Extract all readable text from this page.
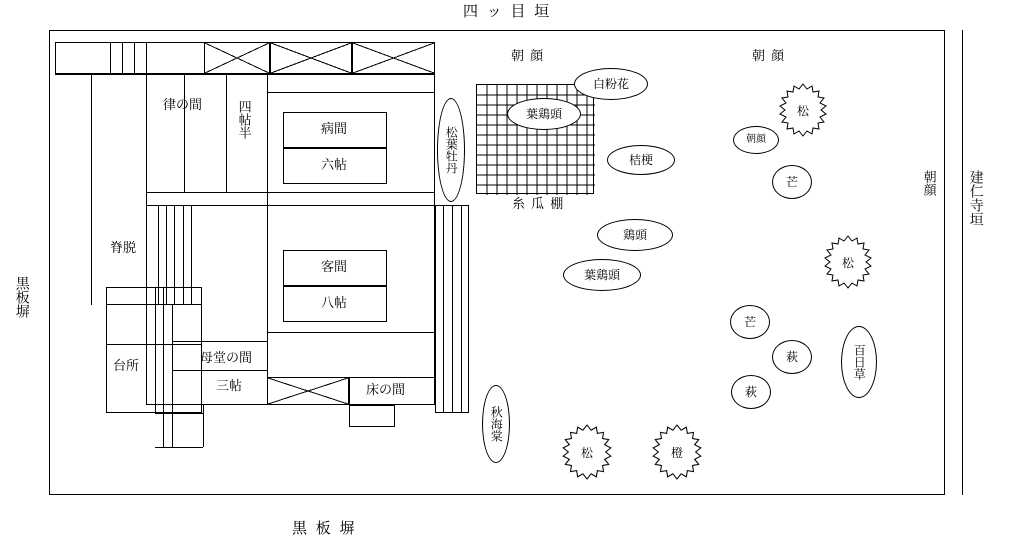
四 ッ 目 垣
黒 板 塀
黒板塀
建仁寺垣
朝顔
律の間	四帖半	病間
六帖
客間
八帖
脊脱
台所
母堂の間
三帖	床の間
糸 瓜 棚
朝 顔	朝 顔
白粉花
葉鶏頭
桔梗
鶏頭
葉鶏頭
芒
芒
萩
萩
百日草
朝顔
松葉牡丹
秋海棠
松
松
松	橙
